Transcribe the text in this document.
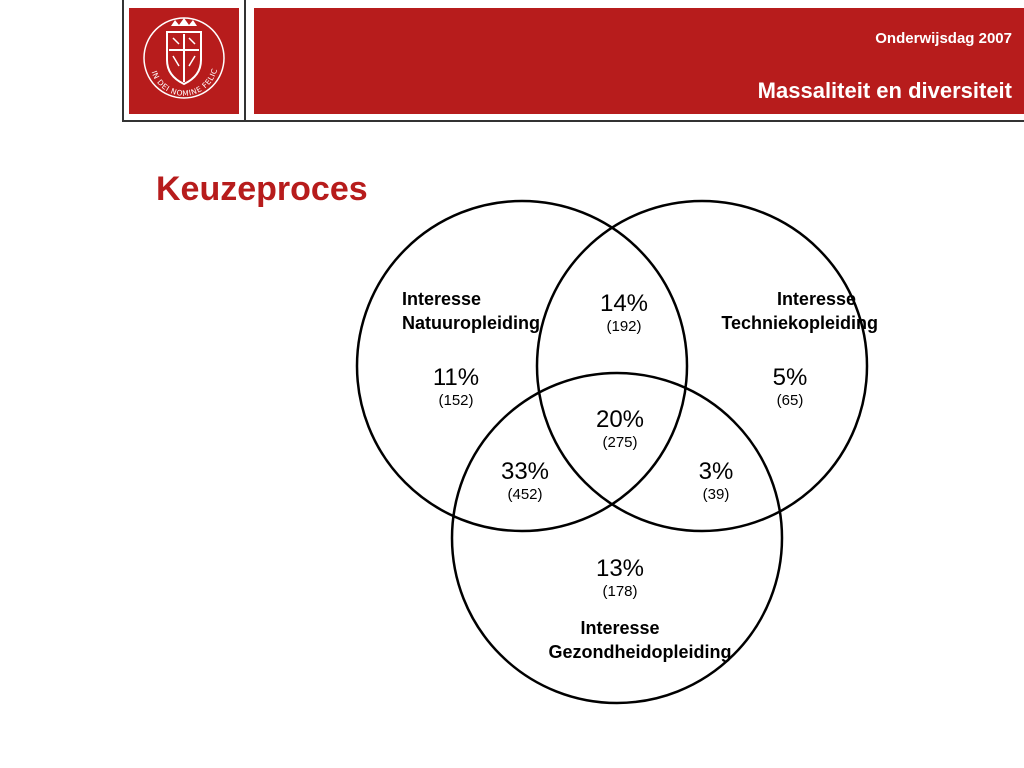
IN DEI NOMINE FELIC
Onderwijsdag 2007
Massaliteit en diversiteit
Keuzeproces
Interesse
Natuuropleiding
Interesse
Techniekopleiding
Interesse
Gezondheidopleiding
14%
(192)
11%
(152)
5%
(65)
20%
(275)
33%
(452)
3%
(39)
13%
(178)
